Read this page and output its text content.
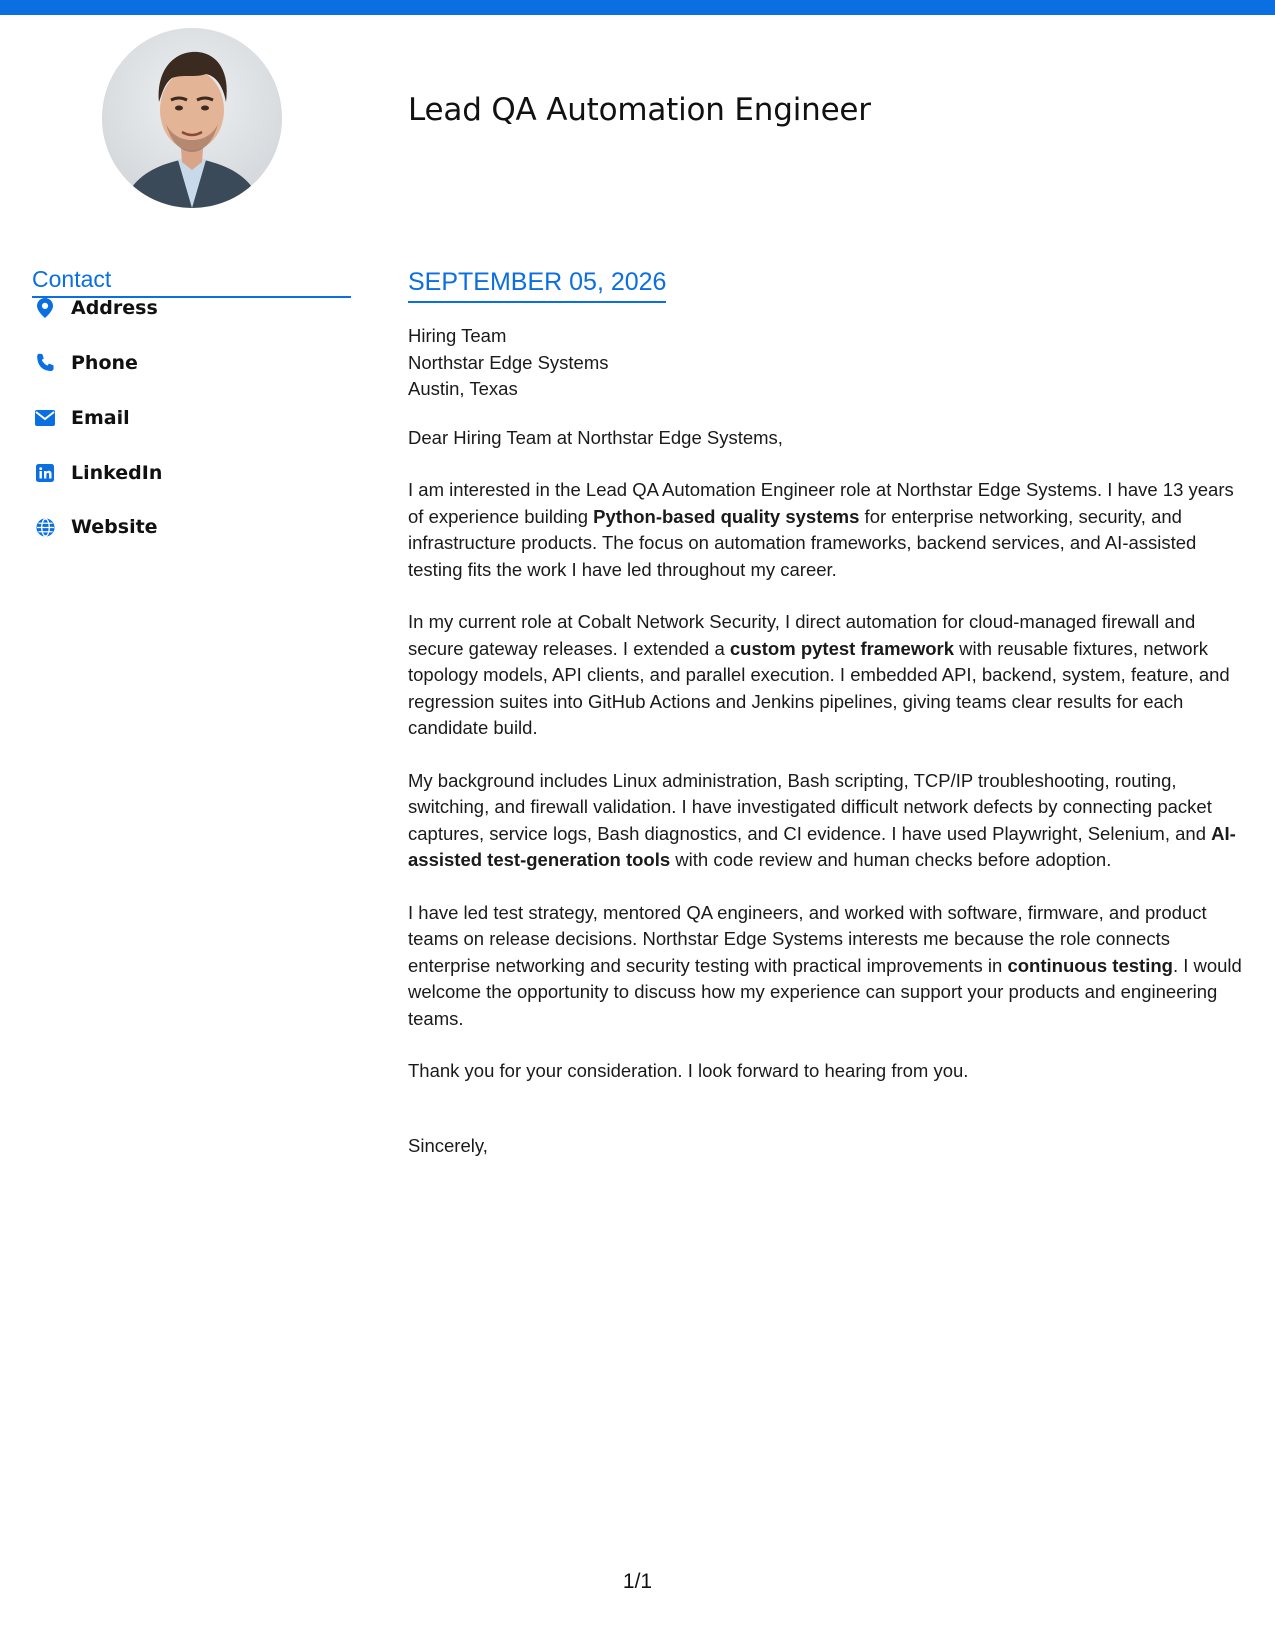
Lead QA Automation Engineer
Contact
Address
Phone
Email
LinkedIn
Website
SEPTEMBER 05, 2026
Hiring Team
Northstar Edge Systems
Austin, Texas

Dear Hiring Team at Northstar Edge Systems,

I am interested in the Lead QA Automation Engineer role at Northstar Edge Systems. I have 13 years of experience building Python-based quality systems for enterprise networking, security, and infrastructure products. The focus on automation frameworks, backend services, and AI-assisted testing fits the work I have led throughout my career.

In my current role at Cobalt Network Security, I direct automation for cloud-managed firewall and secure gateway releases. I extended a custom pytest framework with reusable fixtures, network topology models, API clients, and parallel execution. I embedded API, backend, system, feature, and regression suites into GitHub Actions and Jenkins pipelines, giving teams clear results for each candidate build.

My background includes Linux administration, Bash scripting, TCP/IP troubleshooting, routing, switching, and firewall validation. I have investigated difficult network defects by connecting packet captures, service logs, Bash diagnostics, and CI evidence. I have used Playwright, Selenium, and AI-assisted test-generation tools with code review and human checks before adoption.

I have led test strategy, mentored QA engineers, and worked with software, firmware, and product teams on release decisions. Northstar Edge Systems interests me because the role connects enterprise networking and security testing with practical improvements in continuous testing. I would welcome the opportunity to discuss how my experience can support your products and engineering teams.

Thank you for your consideration. I look forward to hearing from you.

Sincerely,
1/1
